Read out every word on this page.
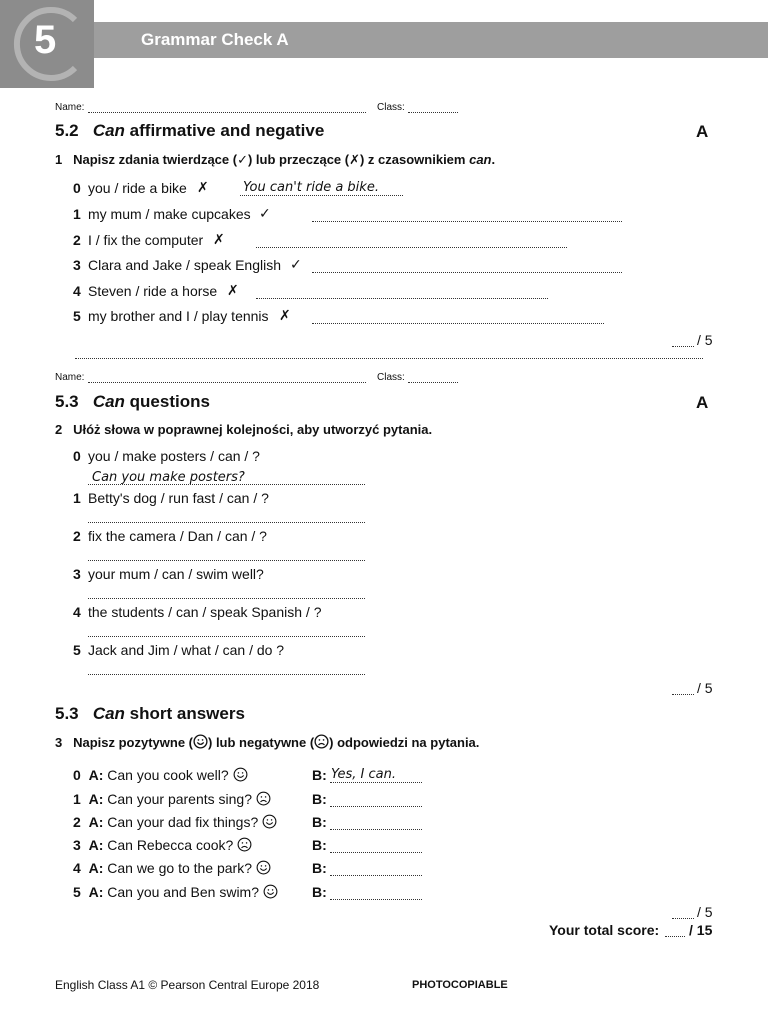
5	Grammar Check A
Name:	Class:
5.2 Can affirmative and negative	A
1 Napisz zdania twierdzące (✓) lub przeczące (✗) z czasownikiem can.
0 you / ride a bike ✗	You can't ride a bike.
1 my mum / make cupcakes ✓
2 I / fix the computer ✗
3 Clara and Jake / speak English ✓
4 Steven / ride a horse ✗
5 my brother and I / play tennis ✗
/ 5
Name:	Class:
5.3 Can questions	A
2 Ułóż słowa w poprawnej kolejności, aby utworzyć pytania.
0 you / make posters / can / ?
Can you make posters?
1 Betty's dog / run fast / can / ?
2 fix the camera / Dan / can / ?
3 your mum / can / swim well?
4 the students / can / speak Spanish / ?
5 Jack and Jim / what / can / do ?
/ 5
5.3 Can short answers
3 Napisz pozytywne ( ) lub negatywne ( ) odpowiedzi na pytania.
0 A: Can you cook well?	B: Yes, I can.
1 A: Can your parents sing?	B:
2 A: Can your dad fix things?	B:
3 A: Can Rebecca cook?	B:
4 A: Can we go to the park?	B:
5 A: Can you and Ben swim?	B:
/ 5
Your total score: / 15
English Class A1 © Pearson Central Europe 2018	PHOTOCOPIABLE
